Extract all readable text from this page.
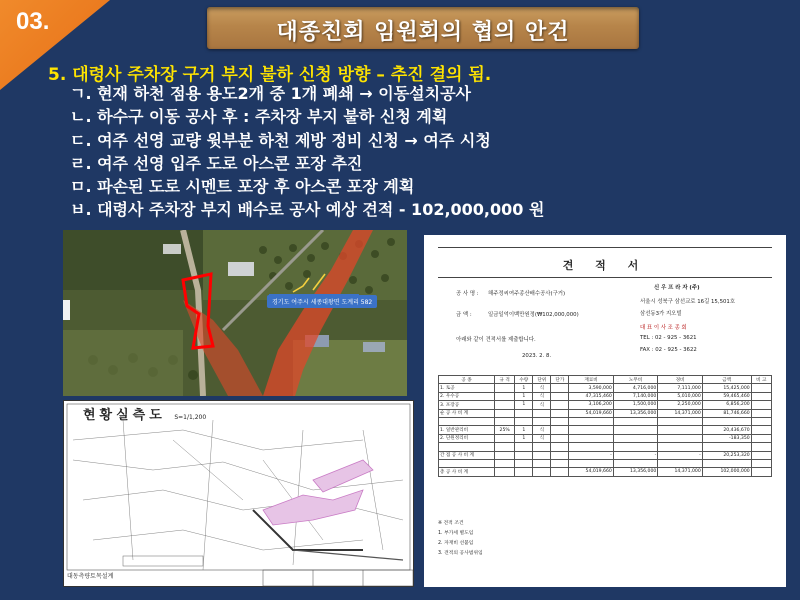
03.	대종친회 임원회의 협의 안건
5. 대령사 주차장 구거 부지 불하 신청 방향 – 추진 결의 됨.
ㄱ. 현재 하천 점용 용도2개 중 1개 폐쇄 → 이동설치공사
ㄴ. 하수구 이동 공사 후 : 주차장 부지 불하 신청 계획
ㄷ. 여주 선영 교량 윗부분 하천 제방 정비 신청 → 여주 시청
ㄹ. 여주 선영 입주 도로 아스콘 포장 추진
ㅁ. 파손된 도로 시멘트 포장 후 아스콘 포장 계획
ㅂ. 대령사 주차장 부지 배수로 공사 예상 견적 - 102,000,000 원
경기도 여주시 세종대왕면 도계리 582
현황실측도 S=1/1,200
대동측량토목설계
견 적 서
공 사 명 : 해주정씨여주종산배수공사(구거)
금 액 :	일금일억이백만원정(₩102,000,000)
아래와 같이 견적서를 제출합니다.
2023. 2. 8.
신 우 프 라 자 (주)
서울시 성북구 삼선교로 16길 15,501호
삼선동3가 지오빌
대 표 이 사 조 종 회
TEL : 02 - 925 - 3621
FAX : 02 - 925 - 3622
공 종	규 격	수량	단위	단가	재료비	노무비	경비	금액	비 고
1. 토공		1	식		3,590,000	4,716,000	7,111,000	15,425,000	
2. 우수공		1	식		47,315,460	7,140,000	5,010,000	59,465,460	
3. 포장공		1	식		3,106,200	1,500,000	2,250,000	6,856,200	
순 공 사 비 계					54,019,660	13,356,000	14,371,000	81,746,660	

1. 일반관리비	25%	1	식					20,436,670	
2. 단원정리비		1	식					-183,350	

간 접 공 사 비 계					-	-	-	20,253,320	

총 공 사 비 계					54,019,660	13,356,000	14,371,000	102,000,000	
※ 견적 조건
1. 부가세 별도임
2. 자재비 선불임
3. 견적의 공사범위임
